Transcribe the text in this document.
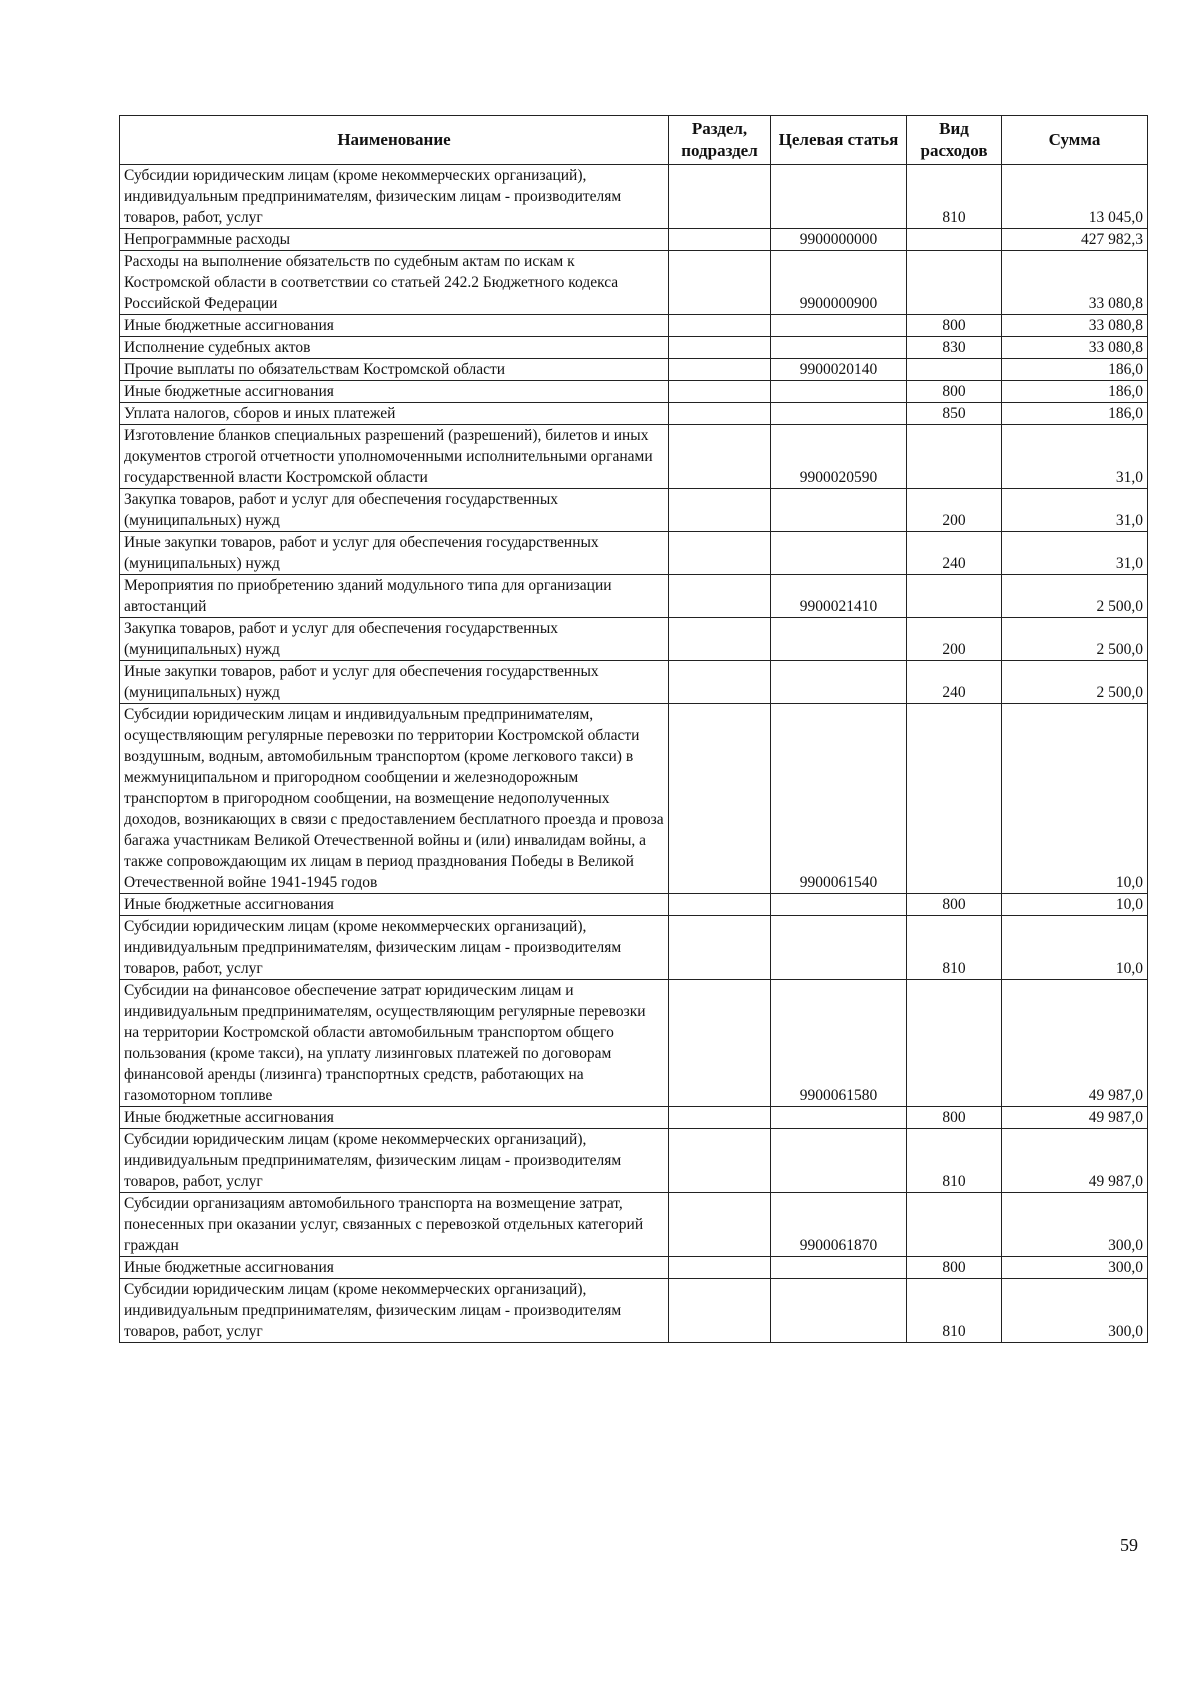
Наименование	Раздел, подраздел	Целевая статья	Вид расходов	Сумма
Субсидии юридическим лицам (кроме некоммерческих организаций), индивидуальным предпринимателям, физическим лицам - производителям товаров, работ, услуг			810	13 045,0
Непрограммные расходы		9900000000		427 982,3
Расходы на выполнение обязательств по судебным актам по искам к Костромской области в соответствии со статьей 242.2 Бюджетного кодекса Российской Федерации		9900000900		33 080,8
Иные бюджетные ассигнования			800	33 080,8
Исполнение судебных актов			830	33 080,8
Прочие выплаты по обязательствам Костромской области		9900020140		186,0
Иные бюджетные ассигнования			800	186,0
Уплата налогов, сборов и иных платежей			850	186,0
Изготовление бланков специальных разрешений (разрешений), билетов и иных документов строгой отчетности уполномоченными исполнительными органами государственной власти Костромской области		9900020590		31,0
Закупка товаров, работ и услуг для обеспечения государственных (муниципальных) нужд			200	31,0
Иные закупки товаров, работ и услуг для обеспечения государственных (муниципальных) нужд			240	31,0
Мероприятия по приобретению зданий модульного типа для организации автостанций		9900021410		2 500,0
Закупка товаров, работ и услуг для обеспечения государственных (муниципальных) нужд			200	2 500,0
Иные закупки товаров, работ и услуг для обеспечения государственных (муниципальных) нужд			240	2 500,0
Субсидии юридическим лицам и индивидуальным предпринимателям, осуществляющим регулярные перевозки по территории Костромской области воздушным, водным, автомобильным транспортом (кроме легкового такси) в межмуниципальном и пригородном сообщении и железнодорожным транспортом в пригородном сообщении, на возмещение недополученных доходов, возникающих в связи с предоставлением бесплатного проезда и провоза багажа участникам Великой Отечественной войны и (или) инвалидам войны, а также сопровождающим их лицам в период празднования Победы в Великой Отечественной войне 1941-1945 годов		9900061540		10,0
Иные бюджетные ассигнования			800	10,0
Субсидии юридическим лицам (кроме некоммерческих организаций), индивидуальным предпринимателям, физическим лицам - производителям товаров, работ, услуг			810	10,0
Субсидии на финансовое обеспечение затрат юридическим лицам и индивидуальным предпринимателям, осуществляющим регулярные перевозки на территории Костромской области автомобильным транспортом общего пользования (кроме такси), на уплату лизинговых платежей по договорам финансовой аренды (лизинга) транспортных средств, работающих на газомоторном топливе		9900061580		49 987,0
Иные бюджетные ассигнования			800	49 987,0
Субсидии юридическим лицам (кроме некоммерческих организаций), индивидуальным предпринимателям, физическим лицам - производителям товаров, работ, услуг			810	49 987,0
Субсидии организациям автомобильного транспорта на возмещение затрат, понесенных при оказании услуг, связанных с перевозкой отдельных категорий граждан		9900061870		300,0
Иные бюджетные ассигнования			800	300,0
Субсидии юридическим лицам (кроме некоммерческих организаций), индивидуальным предпринимателям, физическим лицам - производителям товаров, работ, услуг			810	300,0
59
